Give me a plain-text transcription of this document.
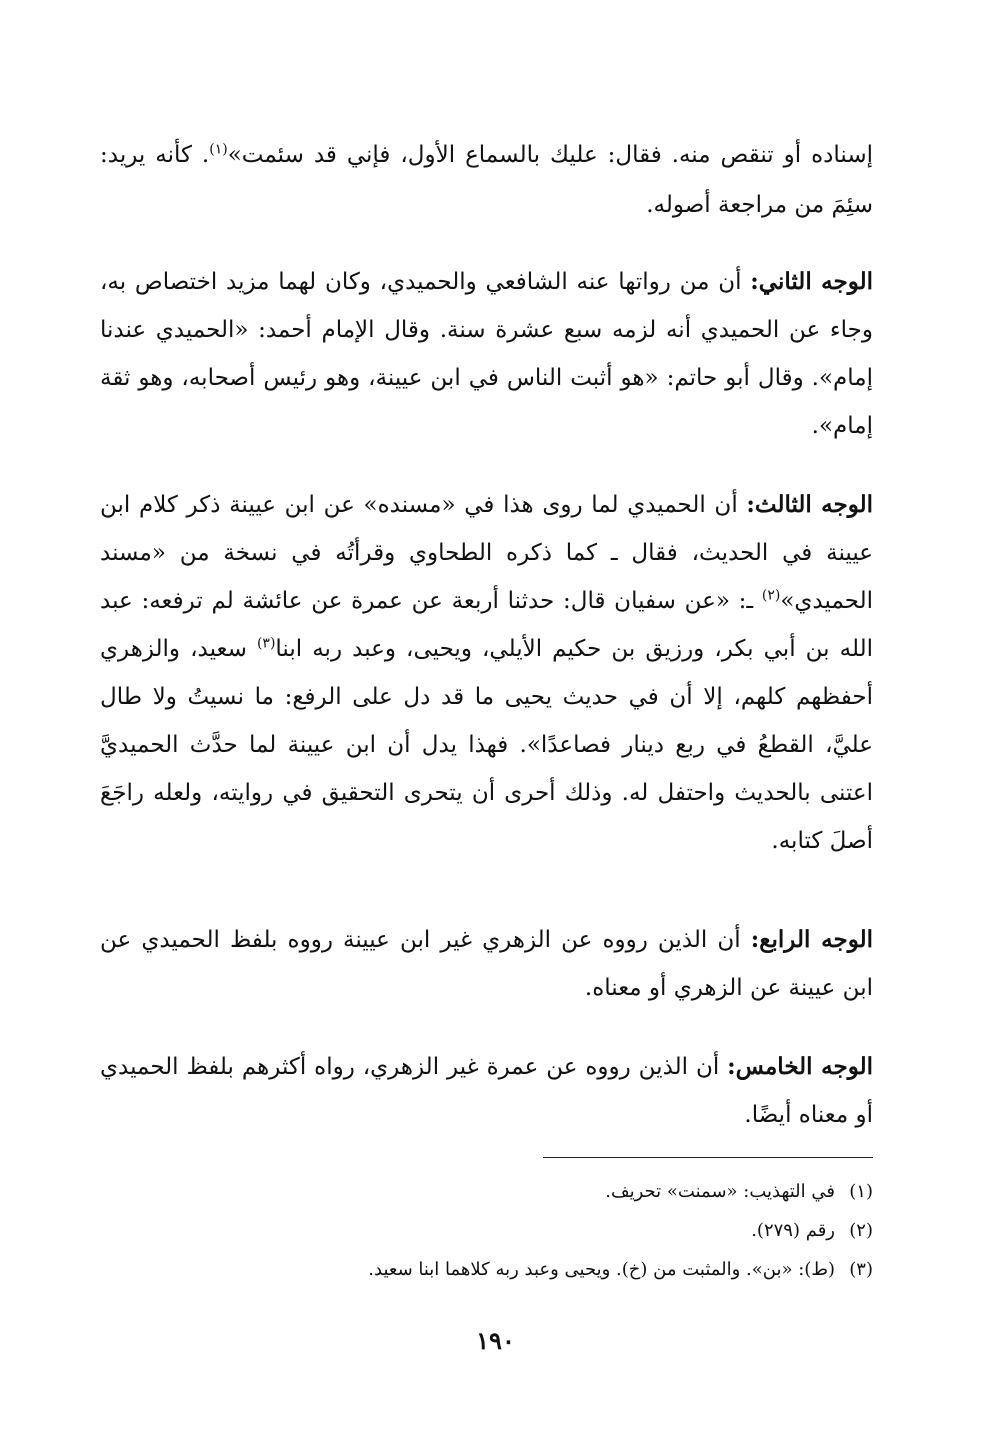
إسناده أو تنقص منه. فقال: عليك بالسماع الأول، فإني قد سئمت»$^{(١)}$. كأنه يريد: سئِمَ من مراجعة أصوله.

الوجه الثاني: أن من رواتها عنه الشافعي والحميدي، وكان لهما مزيد اختصاص به، وجاء عن الحميدي أنه لزمه سبع عشرة سنة. وقال الإمام أحمد: «الحميدي عندنا إمام». وقال أبو حاتم: «هو أثبت الناس في ابن عيينة، وهو رئيس أصحابه، وهو ثقة إمام».

الوجه الثالث: أن الحميدي لما روى هذا في «مسنده» عن ابن عيينة ذكر كلام ابن عيينة في الحديث، فقال ـ كما ذكره الطحاوي وقرأتُه في نسخة من «مسند الحميدي»$^{(٢)}$ ـ: «عن سفيان قال: حدثنا أربعة عن عمرة عن عائشة لم ترفعه: عبد الله بن أبي بكر، ورزيق بن حكيم الأيلي، ويحيى، وعبد ربه ابنا$^{(٣)}$ سعيد، والزهري أحفظهم كلهم، إلا أن في حديث يحيى ما قد دل على الرفع: ما نسيتُ ولا طال عليَّ، القطعُ في ربع دينار فصاعدًا». فهذا يدل أن ابن عيينة لما حدَّث الحميديَّ اعتنى بالحديث واحتفل له. وذلك أحرى أن يتحرى التحقيق في روايته، ولعله راجَعَ أصلَ كتابه.

الوجه الرابع: أن الذين رووه عن الزهري غير ابن عيينة رووه بلفظ الحميدي عن ابن عيينة عن الزهري أو معناه.

الوجه الخامس: أن الذين رووه عن عمرة غير الزهري، رواه أكثرهم بلفظ الحميدي أو معناه أيضًا.

(١)في التهذيب: «سمنت» تحريف.
(٢)رقم (٢٧٩).
(٣)(ط): «بن». والمثبت من (خ). ويحيى وعبد ربه كلاهما ابنا سعيد.
١٩٠
